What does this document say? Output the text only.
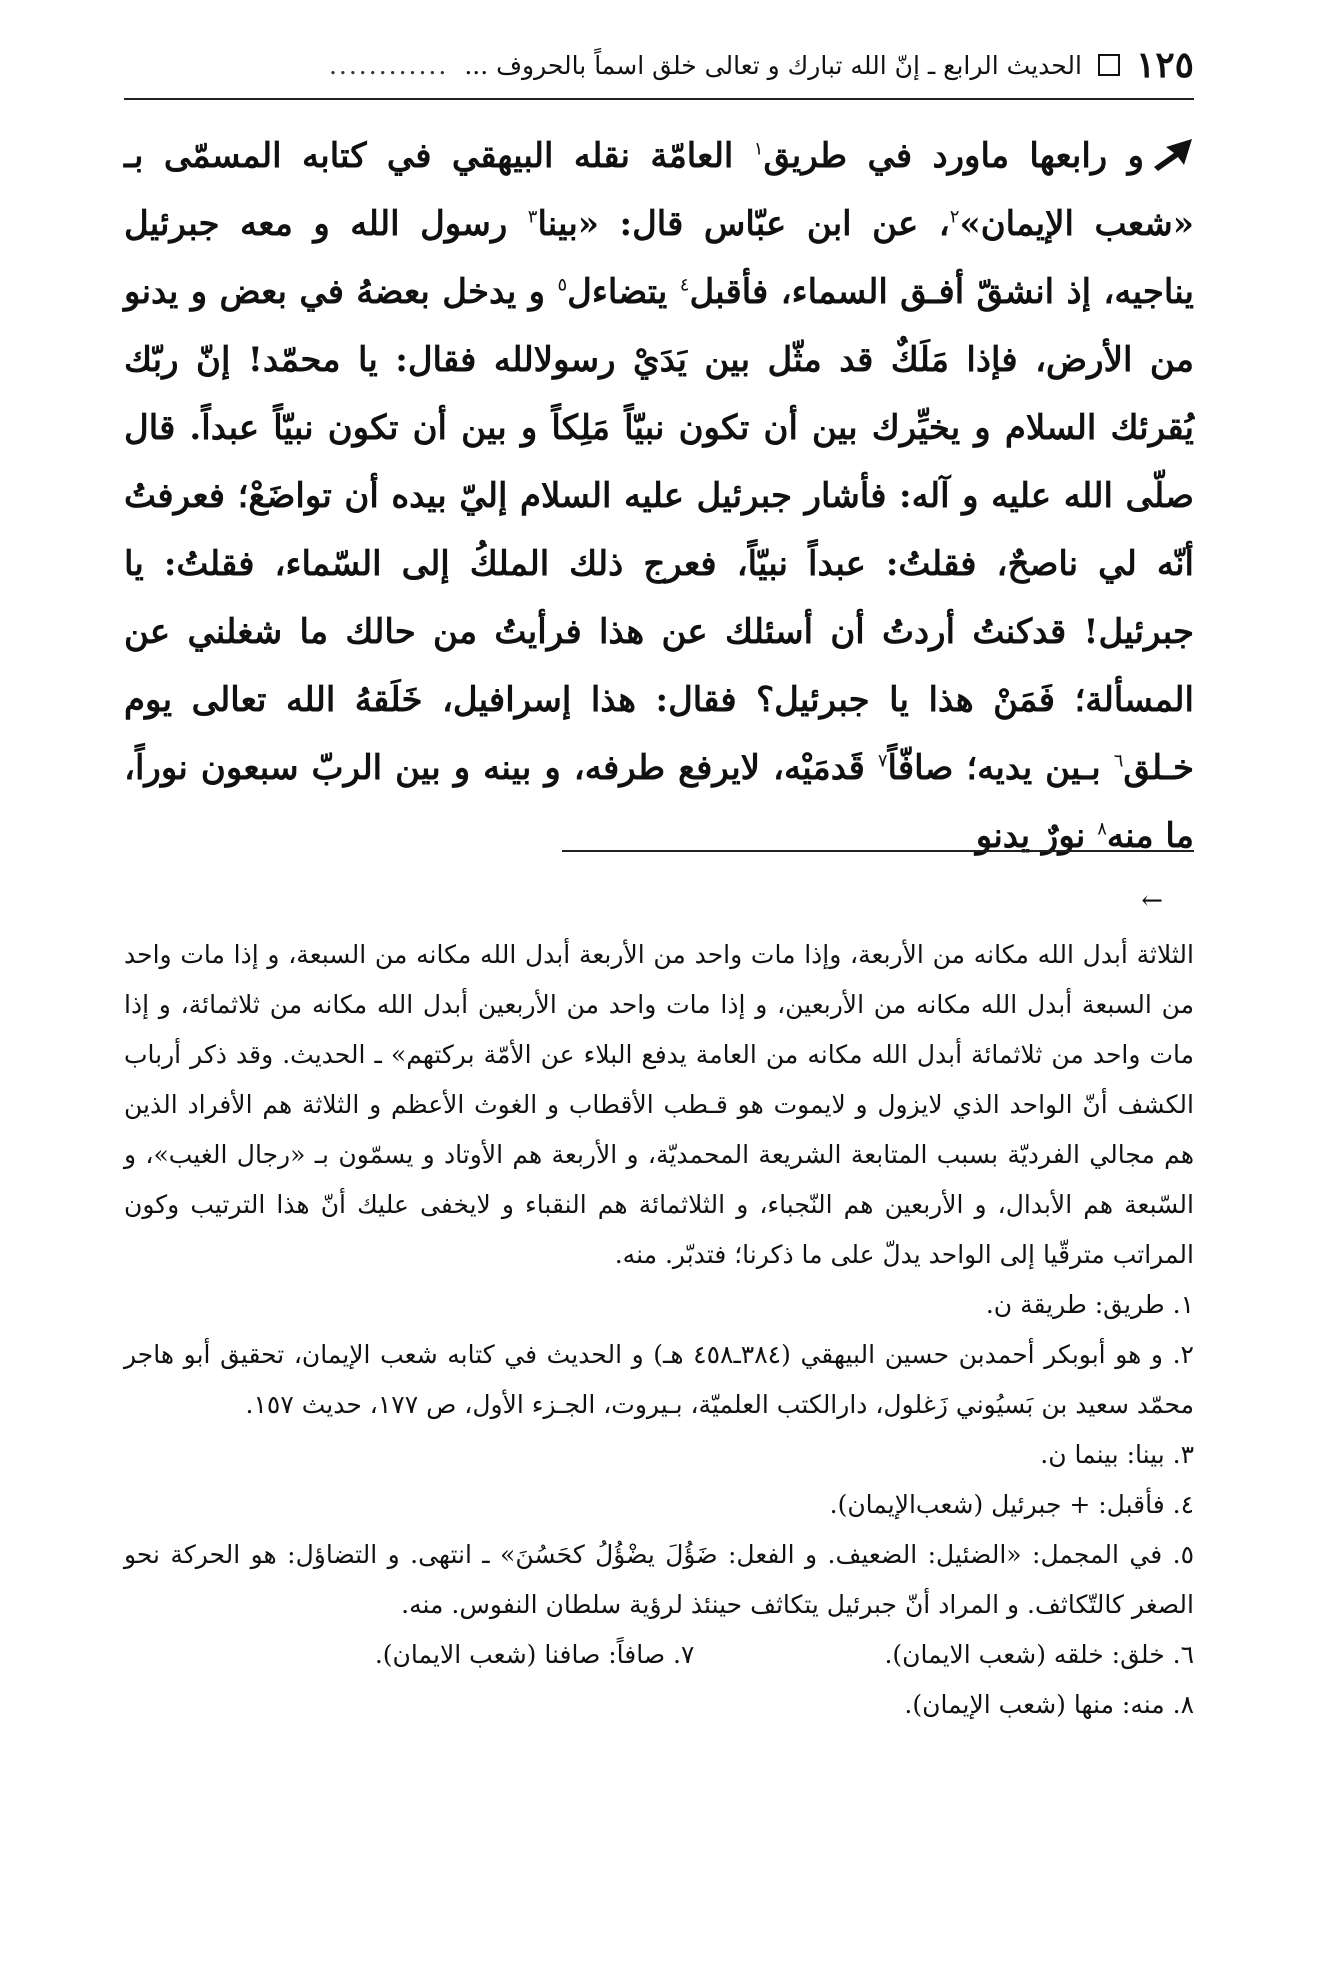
١٢٥
الحديث الرابع ـ إنّ الله تبارك و تعالى خلق اسماً بالحروف ...
............

و رابعها ماورد في طريق$^١$ العامّة نقله البيهقي في كتابه المسمّى بـ «شعب الإيمان»$^٢$، عن ابن عبّاس قال: «بينا$^٣$ رسول الله و معه جبرئيل يناجيه، إذ انشقّ أفـق السماء، فأقبل$^٤$ يتضاءل$^٥$ و يدخل بعضهُ في بعض و يدنو من الأرض، فإذا مَلَكٌ قد مثّل بين يَدَيْ رسولالله فقال: يا محمّد! إنّ ربّك يُقرئك السلام و يخيِّرك بين أن تكون نبيّاً مَلِكاً و بين أن تكون نبيّاً عبداً. قال صلّى الله عليه و آله: فأشار جبرئيل عليه السلام إليّ بيده أن تواضَعْ؛ فعرفتُ أنّه لي ناصحٌ، فقلتُ: عبداً نبيّاً، فعرج ذلك الملكُ إلى السّماء، فقلتُ: يا جبرئيل! قدكنتُ أردتُ أن أسئلك عن هذا فرأيتُ من حالك ما شغلني عن المسألة؛ فَمَنْ هذا يا جبرئيل؟ فقال: هذا إسرافيل، خَلَقهُ الله تعالى يوم خـلق$^٦$ بـين يديه؛ صافّاً$^٧$ قَدمَيْه، لايرفع طرفه، و بينه و بين الربّ سبعون نوراً، ما منه$^٨$ نورٌ يدنو

←

الثلاثة أبدل الله مكانه من الأربعة، وإذا مات واحد من الأربعة أبدل الله مكانه من السبعة، و إذا مات واحد من السبعة أبدل الله مكانه من الأربعين، و إذا مات واحد من الأربعين أبدل الله مكانه من ثلاثمائة، و إذا مات واحد من ثلاثمائة أبدل الله مكانه من العامة يدفع البلاء عن الأمّة بركتهم» ـ الحديث. وقد ذكر أرباب الكشف أنّ الواحد الذي لايزول و لايموت هو قـطب الأقطاب و الغوث الأعظم و الثلاثة هم الأفراد الذين هم مجالي الفرديّة بسبب المتابعة الشريعة المحمديّة، و الأربعة هم الأوتاد و يسمّون بـ «رجال الغيب»، و السّبعة هم الأبدال، و الأربعين هم النّجباء، و الثلاثمائة هم النقباء و لايخفى عليك أنّ هذا الترتيب وكون المراتب مترقّيا إلى الواحد يدلّ على ما ذكرنا؛ فتدبّر. منه.

١. طريق: طريقة ن.

٢. و هو أبوبكر أحمدبن حسين البيهقي (٣٨٤ـ٤٥٨ هـ) و الحديث في كتابه شعب الإيمان، تحقيق أبو هاجر محمّد سعيد بن بَسيُوني زَغلول، دارالكتب العلميّة، بـيروت، الجـزء الأول، ص ١٧٧، حديث ١٥٧.

٣. بينا: بينما ن.

٤. فأقبل: + جبرئيل (شعب‌الإيمان).

٥. في المجمل: «الضئيل: الضعيف. و الفعل: ضَؤُلَ يضْؤُلُ كحَسُنَ» ـ انتهى. و التضاؤل: هو الحركة نحو الصغر كالتّكاثف. و المراد أنّ جبرئيل يتكاثف حينئذ لرؤية سلطان النفوس. منه.

٦. خلق: خلقه (شعب الايمان).
٧. صافاً: صافنا (شعب الايمان).

٨. منه: منها (شعب الإيمان).
